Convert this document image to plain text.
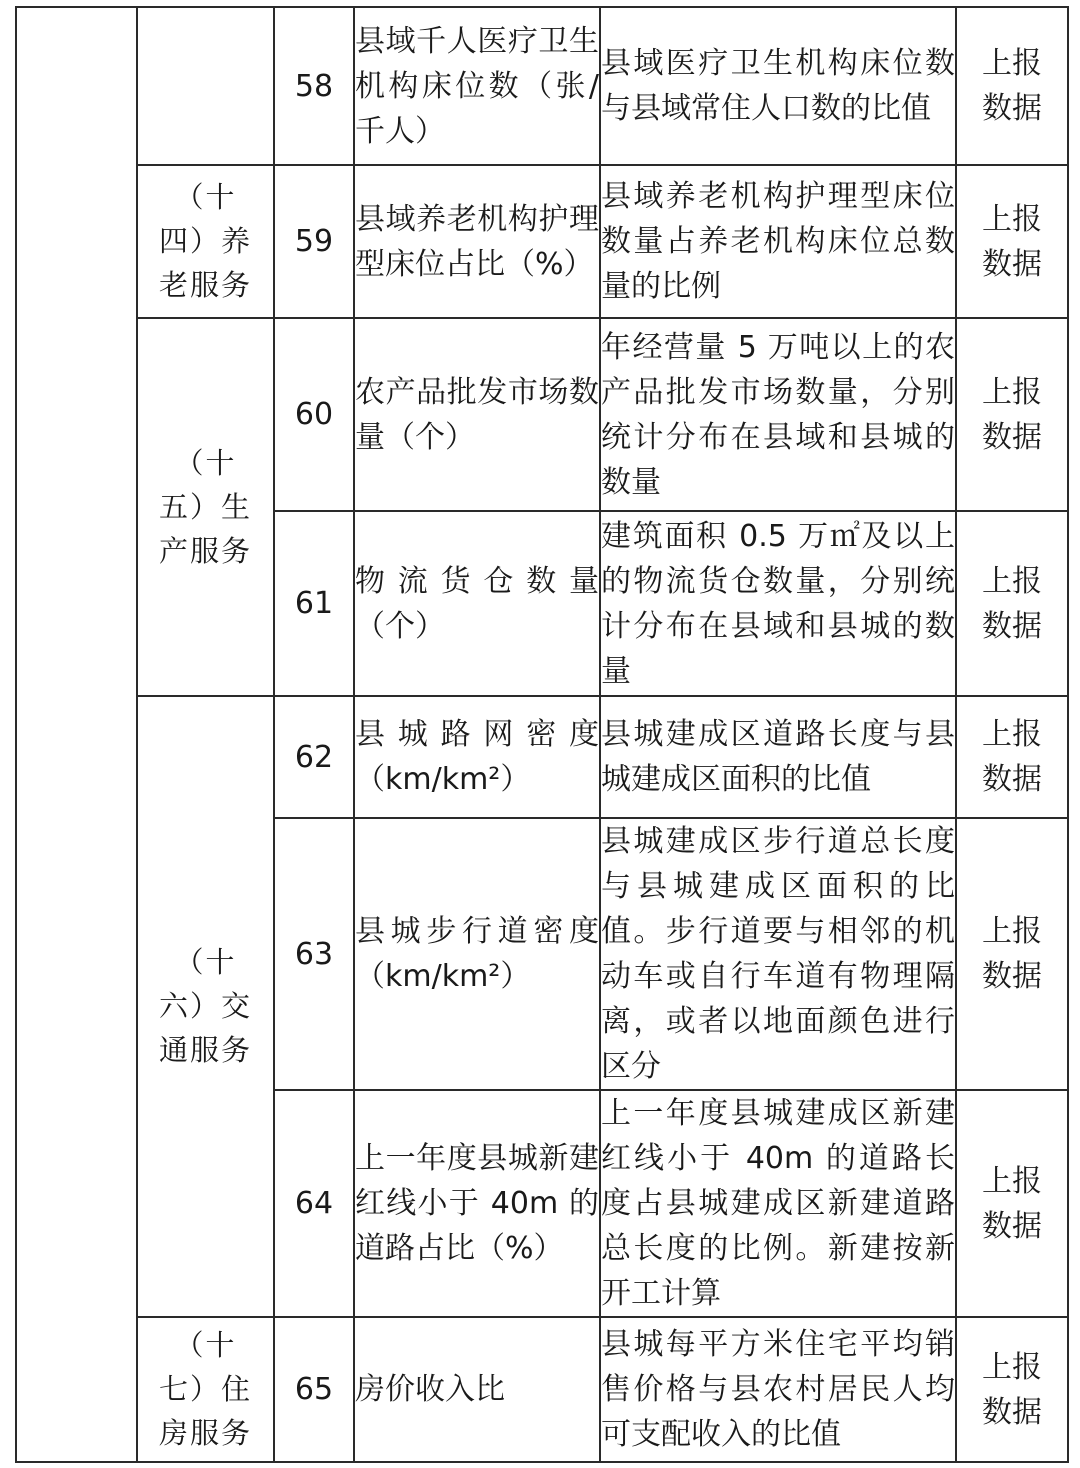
		58	县域千人医疗卫生机构床位数（张/千人）	县域医疗卫生机构床位数与县域常住人口数的比值	上报数据
	（十四）养老服务	59	县域养老机构护理型床位占比（%）	县域养老机构护理型床位数量占养老机构床位总数量的比例	上报数据
	（十五）生产服务	60	农产品批发市场数量（个）	年经营量 5 万吨以上的农产品批发市场数量，分别统计分布在县域和县城的数量	上报数据
		61	物流货仓数量（个）	建筑面积 0.5 万㎡及以上的物流货仓数量，分别统计分布在县域和县城的数量	上报数据
	（十六）交通服务	62	县城路网密度（km/km²）	县城建成区道路长度与县城建成区面积的比值	上报数据
		63	县城步行道密度（km/km²）	县城建成区步行道总长度与县城建成区面积的比值。步行道要与相邻的机动车或自行车道有物理隔离，或者以地面颜色进行区分	上报数据
		64	上一年度县城新建红线小于 40m 的道路占比（%）	上一年度县城建成区新建红线小于 40m 的道路长度占县城建成区新建道路总长度的比例。新建按新开工计算	上报数据
	（十七）住房服务	65	房价收入比	县城每平方米住宅平均销售价格与县农村居民人均可支配收入的比值	上报数据
